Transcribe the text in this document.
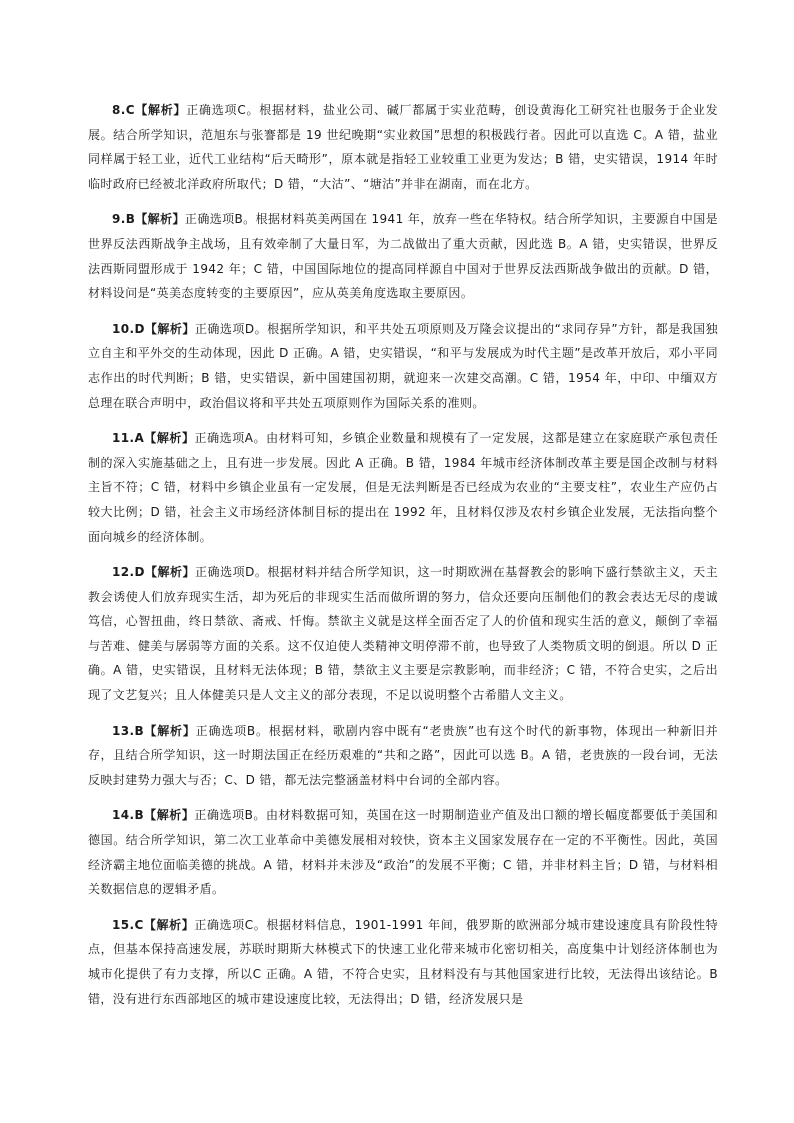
8.C【解析】正确选项C。根据材料，盐业公司、碱厂都属于实业范畴，创设黄海化工研究社也服务于企业发展。结合所学知识，范旭东与张謇都是 19 世纪晚期“实业救国”思想的积极践行者。因此可以直选 C。A 错，盐业同样属于轻工业，近代工业结构“后天畸形”，原本就是指轻工业较重工业更为发达；B 错，史实错误，1914 年时临时政府已经被北洋政府所取代；D 错，“大沽”、“塘沽”并非在湖南，而在北方。

9.B【解析】正确选项B。根据材料英美两国在 1941 年，放弃一些在华特权。结合所学知识，主要源自中国是世界反法西斯战争主战场，且有效牵制了大量日军，为二战做出了重大贡献，因此选 B。A 错，史实错误，世界反法西斯同盟形成于 1942 年；C 错，中国国际地位的提高同样源自中国对于世界反法西斯战争做出的贡献。D 错，材料设问是“英美态度转变的主要原因”，应从英美角度选取主要原因。

10.D【解析】正确选项D。根据所学知识，和平共处五项原则及万隆会议提出的“求同存异”方针，都是我国独立自主和平外交的生动体现，因此 D 正确。A 错，史实错误，“和平与发展成为时代主题”是改革开放后，邓小平同志作出的时代判断；B 错，史实错误，新中国建国初期，就迎来一次建交高潮。C 错，1954 年，中印、中缅双方总理在联合声明中，政治倡议将和平共处五项原则作为国际关系的准则。

11.A【解析】正确选项A。由材料可知，乡镇企业数量和规模有了一定发展，这都是建立在家庭联产承包责任制的深入实施基础之上，且有进一步发展。因此 A 正确。B 错，1984 年城市经济体制改革主要是国企改制与材料主旨不符；C 错，材料中乡镇企业虽有一定发展，但是无法判断是否已经成为农业的“主要支柱”，农业生产应仍占较大比例；D 错，社会主义市场经济体制目标的提出在 1992 年，且材料仅涉及农村乡镇企业发展，无法指向整个面向城乡的经济体制。

12.D【解析】正确选项D。根据材料并结合所学知识，这一时期欧洲在基督教会的影响下盛行禁欲主义，天主教会诱使人们放弃现实生活，却为死后的非现实生活而做所谓的努力，信众还要向压制他们的教会表达无尽的虔诚笃信，心智扭曲，终日禁欲、斋戒、忏悔。禁欲主义就是这样全面否定了人的价值和现实生活的意义，颠倒了幸福与苦难、健美与孱弱等方面的关系。这不仅迫使人类精神文明停滞不前，也导致了人类物质文明的倒退。所以 D 正确。A 错，史实错误，且材料无法体现；B 错，禁欲主义主要是宗教影响，而非经济；C 错，不符合史实，之后出现了文艺复兴；且人体健美只是人文主义的部分表现，不足以说明整个古希腊人文主义。

13.B【解析】正确选项B。根据材料，歌剧内容中既有“老贵族”也有这个时代的新事物，体现出一种新旧并存，且结合所学知识，这一时期法国正在经历艰难的“共和之路”，因此可以选 B。A 错，老贵族的一段台词，无法反映封建势力强大与否；C、D 错，都无法完整涵盖材料中台词的全部内容。

14.B【解析】正确选项B。由材料数据可知，英国在这一时期制造业产值及出口额的增长幅度都要低于美国和德国。结合所学知识，第二次工业革命中美德发展相对较快，资本主义国家发展存在一定的不平衡性。因此，英国经济霸主地位面临美德的挑战。A 错，材料并未涉及“政治”的发展不平衡；C 错，并非材料主旨；D 错，与材料相关数据信息的逻辑矛盾。

15.C【解析】正确选项C。根据材料信息，1901-1991 年间，俄罗斯的欧洲部分城市建设速度具有阶段性特点，但基本保持高速发展，苏联时期斯大林模式下的快速工业化带来城市化密切相关，高度集中计划经济体制也为城市化提供了有力支撑，所以C 正确。A 错，不符合史实，且材料没有与其他国家进行比较，无法得出该结论。B 错，没有进行东西部地区的城市建设速度比较，无法得出；D 错，经济发展只是
